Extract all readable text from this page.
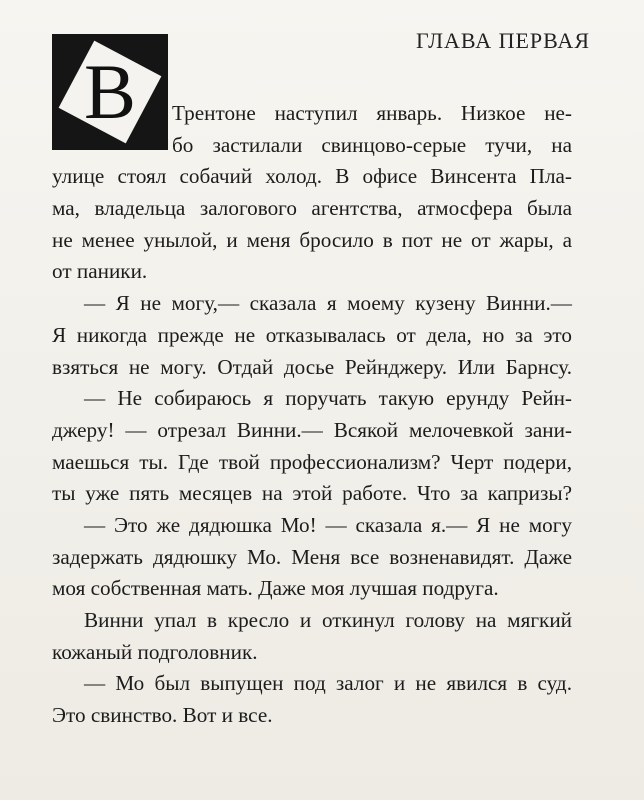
ГЛАВА ПЕРВАЯ
В	Трентоне наступил январь. Низкое не-
бо застилали свинцово-серые тучи, на
улице стоял собачий холод. В офисе Винсента Пла-
ма, владельца залогового агентства, атмосфера была
не менее унылой, и меня бросило в пот не от жары, а
от паники.
— Я не могу,— сказала я моему кузену Винни.—
Я никогда прежде не отказывалась от дела, но за это
взяться не могу. Отдай досье Рейнджеру. Или Барнсу.
— Не собираюсь я поручать такую ерунду Рейн-
джеру! — отрезал Винни.— Всякой мелочевкой зани-
маешься ты. Где твой профессионализм? Черт подери,
ты уже пять месяцев на этой работе. Что за капризы?
— Это же дядюшка Мо! — сказала я.— Я не могу
задержать дядюшку Мо. Меня все возненавидят. Даже
моя собственная мать. Даже моя лучшая подруга.
Винни упал в кресло и откинул голову на мягкий
кожаный подголовник.
— Мо был выпущен под залог и не явился в суд.
Это свинство. Вот и все.
